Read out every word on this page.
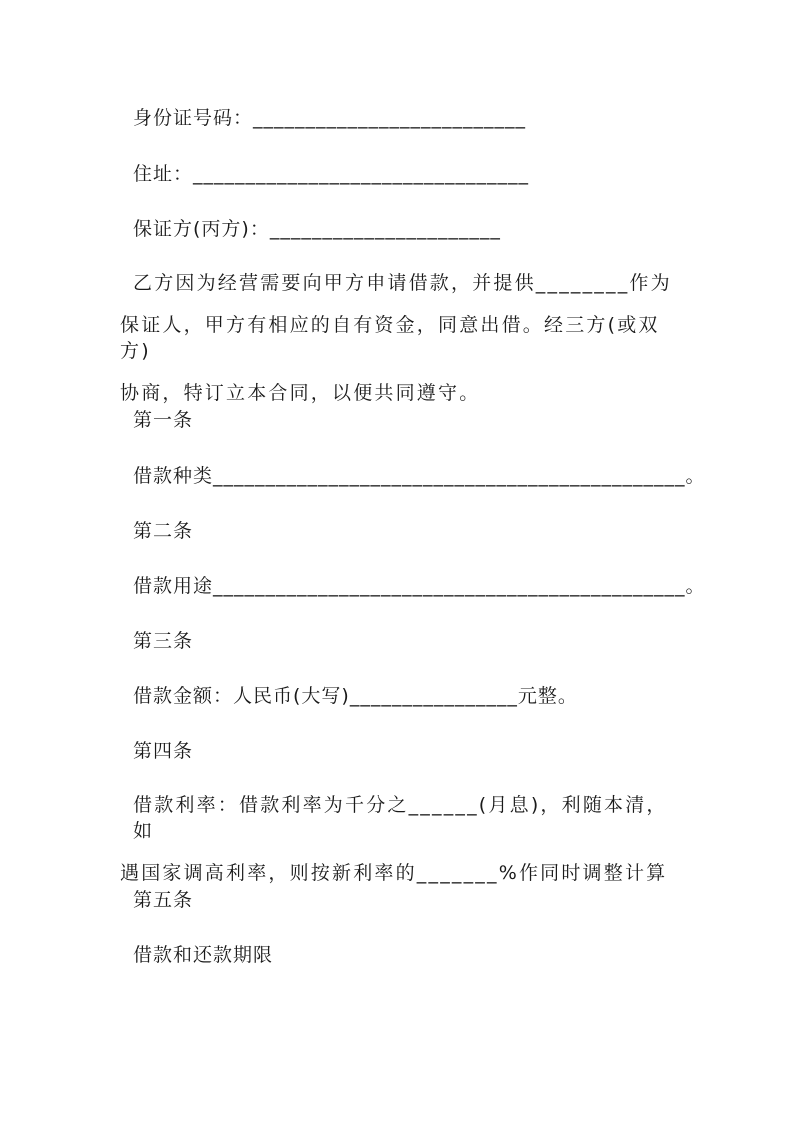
身份证号码：__________________________
住址：________________________________
保证方(丙方)：______________________
乙方因为经营需要向甲方申请借款，并提供________作为
保证人，甲方有相应的自有资金，同意出借。经三方(或双方)
协商，特订立本合同，以便共同遵守。
第一条
借款种类_____________________________________________。
第二条
借款用途_____________________________________________。
第三条
借款金额：人民币(大写)________________元整。
第四条
借款利率：借款利率为千分之______(月息)，利随本清，如
遇国家调高利率，则按新利率的_______%作同时调整计算
第五条
借款和还款期限
